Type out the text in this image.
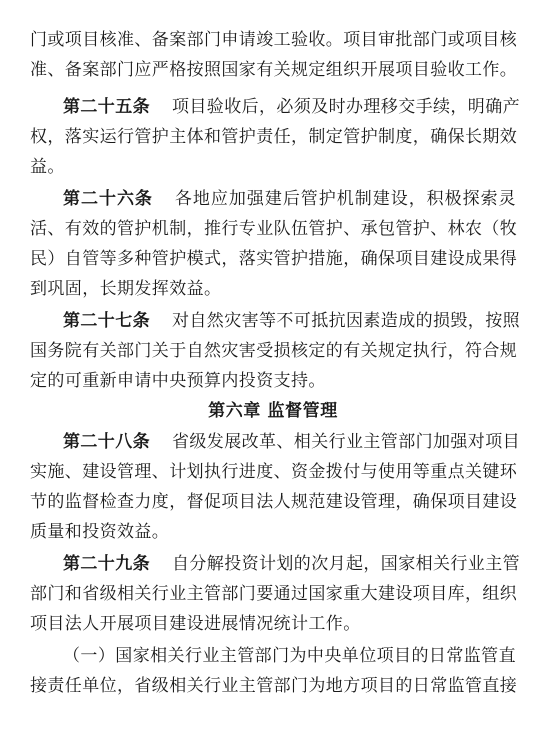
门或项目核准、备案部门申请竣工验收。项目审批部门或项目核
准、备案部门应严格按照国家有关规定组织开展项目验收工作。
第二十五条 项目验收后，必须及时办理移交手续，明确产
权，落实运行管护主体和管护责任，制定管护制度，确保长期效
益。
第二十六条 各地应加强建后管护机制建设，积极探索灵
活、有效的管护机制，推行专业队伍管护、承包管护、林农（牧
民）自管等多种管护模式，落实管护措施，确保项目建设成果得
到巩固，长期发挥效益。
第二十七条 对自然灾害等不可抵抗因素造成的损毁，按照
国务院有关部门关于自然灾害受损核定的有关规定执行，符合规
定的可重新申请中央预算内投资支持。
第六章 监督管理
第二十八条 省级发展改革、相关行业主管部门加强对项目
实施、建设管理、计划执行进度、资金拨付与使用等重点关键环
节的监督检查力度，督促项目法人规范建设管理，确保项目建设
质量和投资效益。
第二十九条 自分解投资计划的次月起，国家相关行业主管
部门和省级相关行业主管部门要通过国家重大建设项目库，组织
项目法人开展项目建设进展情况统计工作。
（一）国家相关行业主管部门为中央单位项目的日常监管直
接责任单位，省级相关行业主管部门为地方项目的日常监管直接
